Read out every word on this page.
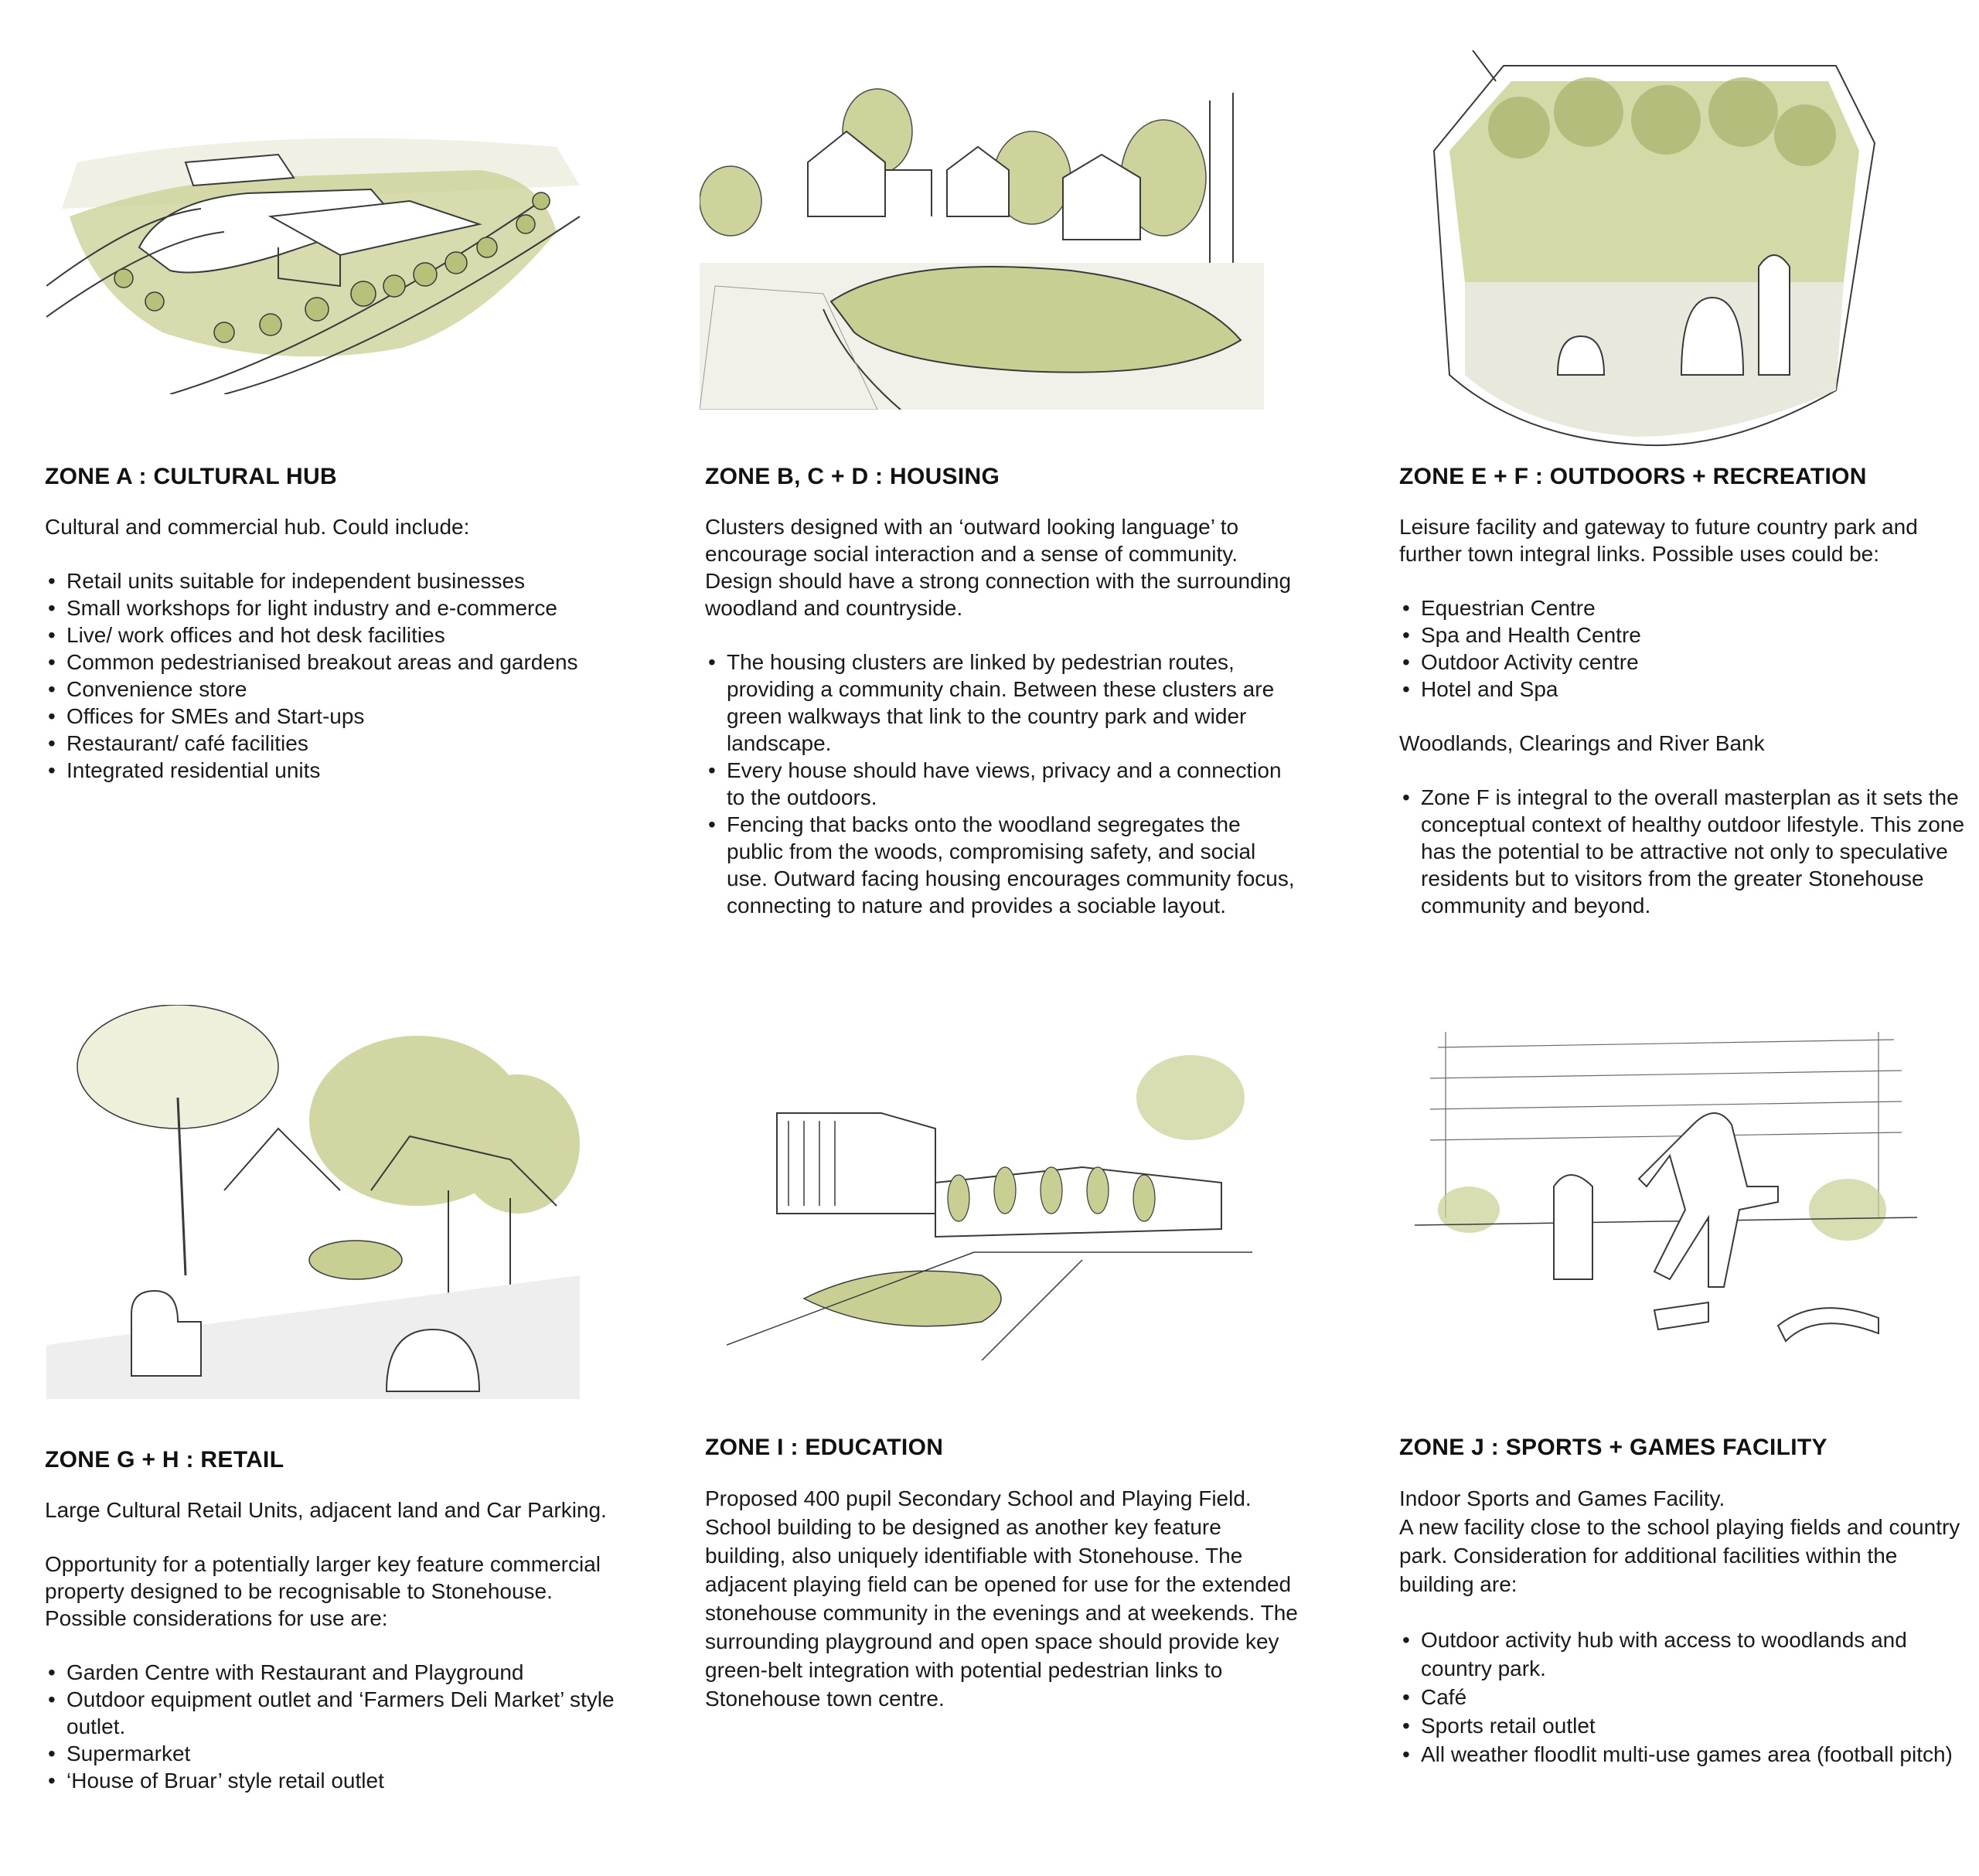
ZONE A : CULTURAL HUB

Cultural and commercial hub. Could include:

• Retail units suitable for independent businesses
• Small workshops for light industry and e-commerce
• Live/ work offices and hot desk facilities
• Common pedestrianised breakout areas and gardens
• Convenience store
• Offices for SMEs and Start-ups
• Restaurant/ café facilities
• Integrated residential units
ZONE B, C + D : HOUSING

Clusters designed with an ‘outward looking language’ to encourage social interaction and a sense of community. Design should have a strong connection with the surrounding woodland and countryside.

• The housing clusters are linked by pedestrian routes, providing a community chain. Between these clusters are green walkways that link to the country park and wider landscape.
• Every house should have views, privacy and a connection to the outdoors.
• Fencing that backs onto the woodland segregates the public from the woods, compromising safety, and social use. Outward facing housing encourages community focus, connecting to nature and provides a sociable layout.
ZONE E + F : OUTDOORS + RECREATION

Leisure facility and gateway to future country park and further town integral links. Possible uses could be:

• Equestrian Centre
• Spa and Health Centre
• Outdoor Activity centre
• Hotel and Spa

Woodlands, Clearings and River Bank

• Zone F is integral to the overall masterplan as it sets the conceptual context of healthy outdoor lifestyle. This zone has the potential to be attractive not only to speculative residents but to visitors from the greater Stonehouse community and beyond.
ZONE G + H : RETAIL

Large Cultural Retail Units, adjacent land and Car Parking.

Opportunity for a potentially larger key feature commercial property designed to be recognisable to Stonehouse. Possible considerations for use are:

• Garden Centre with Restaurant and Playground
• Outdoor equipment outlet and ‘Farmers Deli Market’ style outlet.
• Supermarket
• ‘House of Bruar’ style retail outlet
ZONE I : EDUCATION

Proposed 400 pupil Secondary School and Playing Field. School building to be designed as another key feature building, also uniquely identifiable with Stonehouse. The adjacent playing field can be opened for use for the extended stonehouse community in the evenings and at weekends. The surrounding playground and open space should provide key green-belt integration with potential pedestrian links to Stonehouse town centre.

ZONE J : SPORTS + GAMES FACILITY

Indoor Sports and Games Facility.

A new facility close to the school playing fields and country park. Consideration for additional facilities within the building are:

• Outdoor activity hub with access to woodlands and country park.
• Café
• Sports retail outlet
• All weather floodlit multi-use games area (football pitch)
